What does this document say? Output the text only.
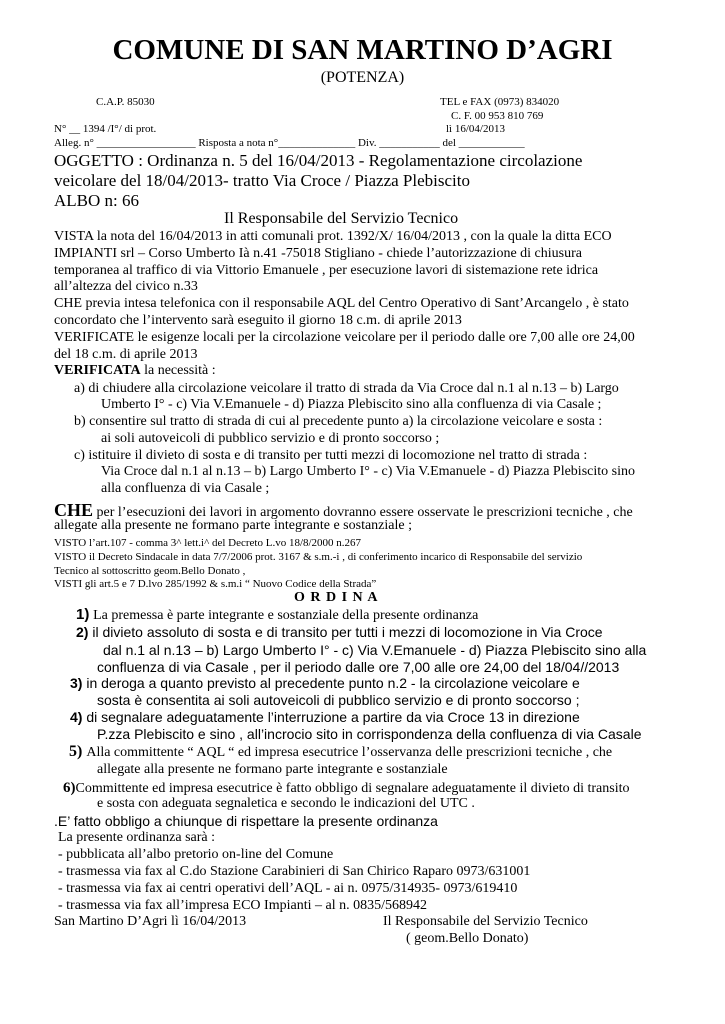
COMUNE DI SAN MARTINO D’AGRI
(POTENZA)
C.A.P. 85030	TEL e FAX (0973) 834020
C. F. 00 953 810 769
N° __ 1394 /I°/ di prot.	lì 16/04/2013
Alleg. n° __________________ Risposta a nota n°______________ Div. ___________ del ____________
OGGETTO : Ordinanza n. 5 del 16/04/2013 - Regolamentazione circolazione
veicolare del 18/04/2013- tratto Via Croce / Piazza Plebiscito
ALBO n: 66
Il Responsabile del Servizio Tecnico
VISTA la nota del 16/04/2013 in atti comunali prot. 1392/X/ 16/04/2013 , con la quale la ditta ECO
IMPIANTI srl – Corso Umberto Ià n.41 -75018 Stigliano - chiede l’autorizzazione di chiusura
temporanea al traffico di via Vittorio Emanuele , per esecuzione lavori di sistemazione rete idrica
all’altezza del civico n.33
CHE previa intesa telefonica con il responsabile AQL del Centro Operativo di Sant’Arcangelo , è stato
concordato che l’intervento sarà eseguito il giorno 18 c.m. di aprile 2013
VERIFICATE le esigenze locali per la circolazione veicolare per il periodo dalle ore 7,00 alle ore 24,00
del 18 c.m. di aprile 2013
VERIFICATA la necessità :
a) di chiudere alla circolazione veicolare il tratto di strada da Via Croce dal n.1 al n.13 – b) Largo
Umberto I° - c) Via V.Emanuele - d) Piazza Plebiscito sino alla confluenza di via Casale ;
b) consentire sul tratto di strada di cui al precedente punto a) la circolazione veicolare e sosta :
ai soli autoveicoli di pubblico servizio e di pronto soccorso ;
c) istituire il divieto di sosta e di transito per tutti mezzi di locomozione nel tratto di strada :
Via Croce dal n.1 al n.13 – b) Largo Umberto I° - c) Via V.Emanuele - d) Piazza Plebiscito sino
alla confluenza di via Casale ;
CHE per l’esecuzioni dei lavori in argomento dovranno essere osservate le prescrizioni tecniche , che
allegate alla presente ne formano parte integrante e sostanziale ;
VISTO l’art.107 - comma 3^ lett.i^ del Decreto L.vo 18/8/2000 n.267
VISTO il Decreto Sindacale in data 7/7/2006 prot. 3167 & s.m.-i , di conferimento incarico di Responsabile del servizio
Tecnico al sottoscritto geom.Bello Donato ,
VISTI gli art.5 e 7 D.lvo 285/1992 & s.m.i “ Nuovo Codice della Strada”
O R D I N A
1) La premessa è parte integrante e sostanziale della presente ordinanza
2) il divieto assoluto di sosta e di transito per tutti i mezzi di locomozione in Via Croce
dal n.1 al n.13 – b) Largo Umberto I° - c) Via V.Emanuele - d) Piazza Plebiscito sino alla
confluenza di via Casale , per il periodo dalle ore 7,00 alle ore 24,00 del 18/04//2013
3) in deroga a quanto previsto al precedente punto n.2 - la circolazione veicolare e
sosta è consentita ai soli autoveicoli di pubblico servizio e di pronto soccorso ;
4) di segnalare adeguatamente l’interruzione a partire da via Croce 13 in direzione
P.zza Plebiscito e sino , all’incrocio sito in corrispondenza della confluenza di via Casale
5) Alla committente “ AQL “ ed impresa esecutrice l’osservanza delle prescrizioni tecniche , che
allegate alla presente ne formano parte integrante e sostanziale
6)Committente ed impresa esecutrice è fatto obbligo di segnalare adeguatamente il divieto di transito
e sosta con adeguata segnaletica e secondo le indicazioni del UTC .
.E’ fatto obbligo a chiunque di rispettare la presente ordinanza
La presente ordinanza sarà :
- pubblicata all’albo pretorio on-line del Comune
- trasmessa via fax al C.do Stazione Carabinieri di San Chirico Raparo 0973/631001
- trasmessa via fax ai centri operativi dell’AQL - ai n. 0975/314935- 0973/619410
- trasmessa via fax all’impresa ECO Impianti – al n. 0835/568942
San Martino D’Agri lì 16/04/2013	Il Responsabile del Servizio Tecnico
( geom.Bello Donato)
